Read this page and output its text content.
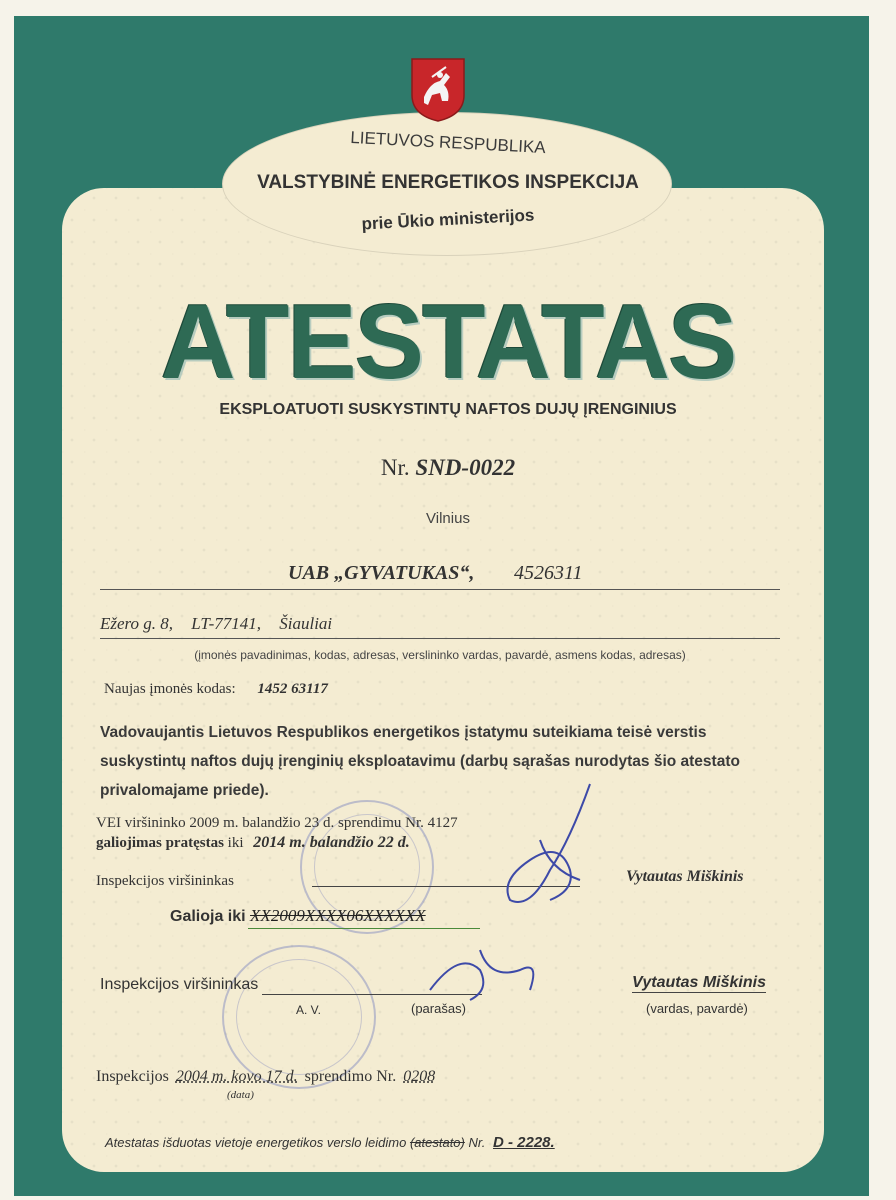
LIETUVOS RESPUBLIKA
VALSTYBINĖ ENERGETIKOS INSPEKCIJA
prie Ūkio ministerijos
ATESTATAS
EKSPLOATUOTI SUSKYSTINTŲ NAFTOS DUJŲ ĮRENGINIUS
Nr. SND-0022
Vilnius
UAB „GYVATUKAS“, 4526311

Ežero g. 8, LT-77141, Šiauliai
(įmonės pavadinimas, kodas, adresas, verslininko vardas, pavardė, asmens kodas, adresas)
Naujas įmonės kodas: 1452 63117
Vadovaujantis Lietuvos Respublikos energetikos įstatymu suteikiama teisė verstis suskystintų naftos dujų įrenginių eksploatavimu (darbų sąrašas nurodytas šio atestato privalomajame priede).
VEI viršininko 2009 m. balandžio 23 d. sprendimu Nr. 4127
galiojimas pratęstas iki 2014 m. balandžio 22 d.
Inspekcijos viršininkas	Vytautas Miškinis
Galioja iki XX2009XXXX06XXXXXX
Inspekcijos viršininkas
A. V.	(parašas)
Vytautas Miškinis
(vardas, pavardė)
Inspekcijos 2004 m. kovo 17 d. sprendimo Nr. 0208
(data)
Atestatas išduotas vietoje energetikos verslo leidimo (atestato) Nr. D - 2228.
